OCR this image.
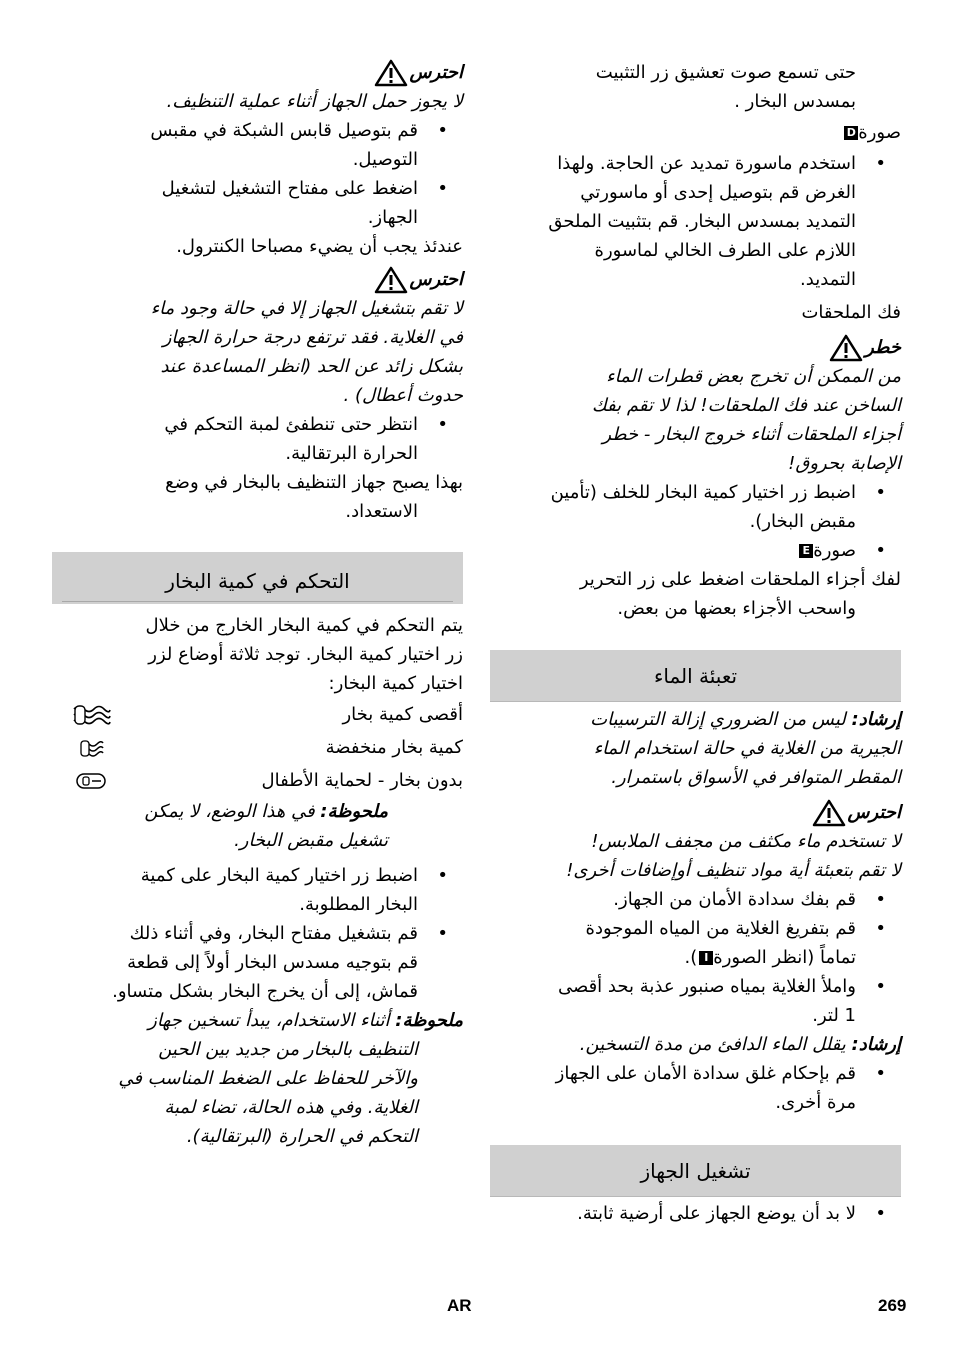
حتى تسمع صوت تعشيق زر التثبيت

بمسدس البخار .

صورةD

• استخدم ماسورة تمديد عن الحاجة. ولهذا
الغرض قم بتوصيل إحدى أو ماسورتي
التمديد بمسدس البخار. قم بتثبيت الملحق
اللازم على الطرف الخالي لماسورة
التمديد.

فك الملحقات

خطر

من الممكن أن تخرج بعض قطرات الماء

الساخن عند فك الملحقات! لذا لا تقم بفك

أجزاء الملحقات أثناء خروج البخار - خطر

الإصابة بحروق!

• اضبط زر اختيار كمية البخار للخلف (تأمين
مقبض البخار).
• صورةE

لفك أجزاء الملحقات اضغط على زر التحرير

واسحب الأجزاء بعضها من بعض.

تعبئة الماء

إرشاد: ليس من الضروري إزالة الترسيبات

الجيرية من الغلاية في حالة استخدام الماء

المقطر المتوافر في الأسواق باستمرار.

احترس

لا تستخدم ماء مكثف من مجفف الملابس!

لا تقم بتعبئة أية مواد تنظيف أوإضافات أخرى!

• قم بفك سدادة الأمان من الجهاز.
• قم بتفريغ الغلاية من المياه الموجودة
تماماً (انظر الصورةI).
• واملأ الغلاية بمياه صنبور عذبة بحد أقصى
1 لتر.

إرشاد: يقلل الماء الدافئ من مدة التسخين.

• قم بإحكام غلق سدادة الأمان على الجهاز
مرة أخرى.
تشغيل الجهاز
• لا بد أن يوضع الجهاز على أرضية ثابتة.
احترس

لا يجوز حمل الجهاز أثناء عملية التنظيف.

• قم بتوصيل قابس الشبكة في مقبس
التوصيل.
• اضغط على مفتاح التشغيل لتشغيل
الجهاز.

عندئذ يجب أن يضيء مصباحا الكنترول.

احترس

لا تقم بتشغيل الجهاز إلا في حالة وجود ماء

في الغلاية. فقد ترتفع درجة حرارة الجهاز

بشكل زائد عن الحد (انظر المساعدة عند

حدوث أعطال) .

• انتظر حتى تنطفئ لمبة التحكم في
الحرارة البرتقالية.

بهذا يصبح جهاز التنظيف بالبخار في وضع

الاستعداد.

التحكم في كمية البخار

يتم التحكم في كمية البخار الخارج من خلال

زر اختيار كمية البخار. توجد ثلاثة أوضاع لزر

اختيار كمية البخار:

أقصى كمية بخار
كمية بخار منخفضة
بدون بخار - لحماية الأطفال

ملحوظة: في هذا الوضع، لا يمكن

تشغيل مقبض البخار.

• اضبط زر اختيار كمية البخار على كمية
البخار المطلوبة.
• قم بتشغيل مفتاح البخار، وفي أثناء ذلك
قم بتوجيه مسدس البخار أولاً إلى قطعة
قماش، إلى أن يخرج البخار بشكل متساو.

ملحوظة: أثناء الاستخدام، يبدأ تسخين جهاز

التنظيف بالبخار من جديد بين الحين

والآخر للحفاظ على الضغط المناسب في

الغلاية. وفي هذه الحالة، تضاء لمبة

التحكم في الحرارة (البرتقالية).

269
AR
